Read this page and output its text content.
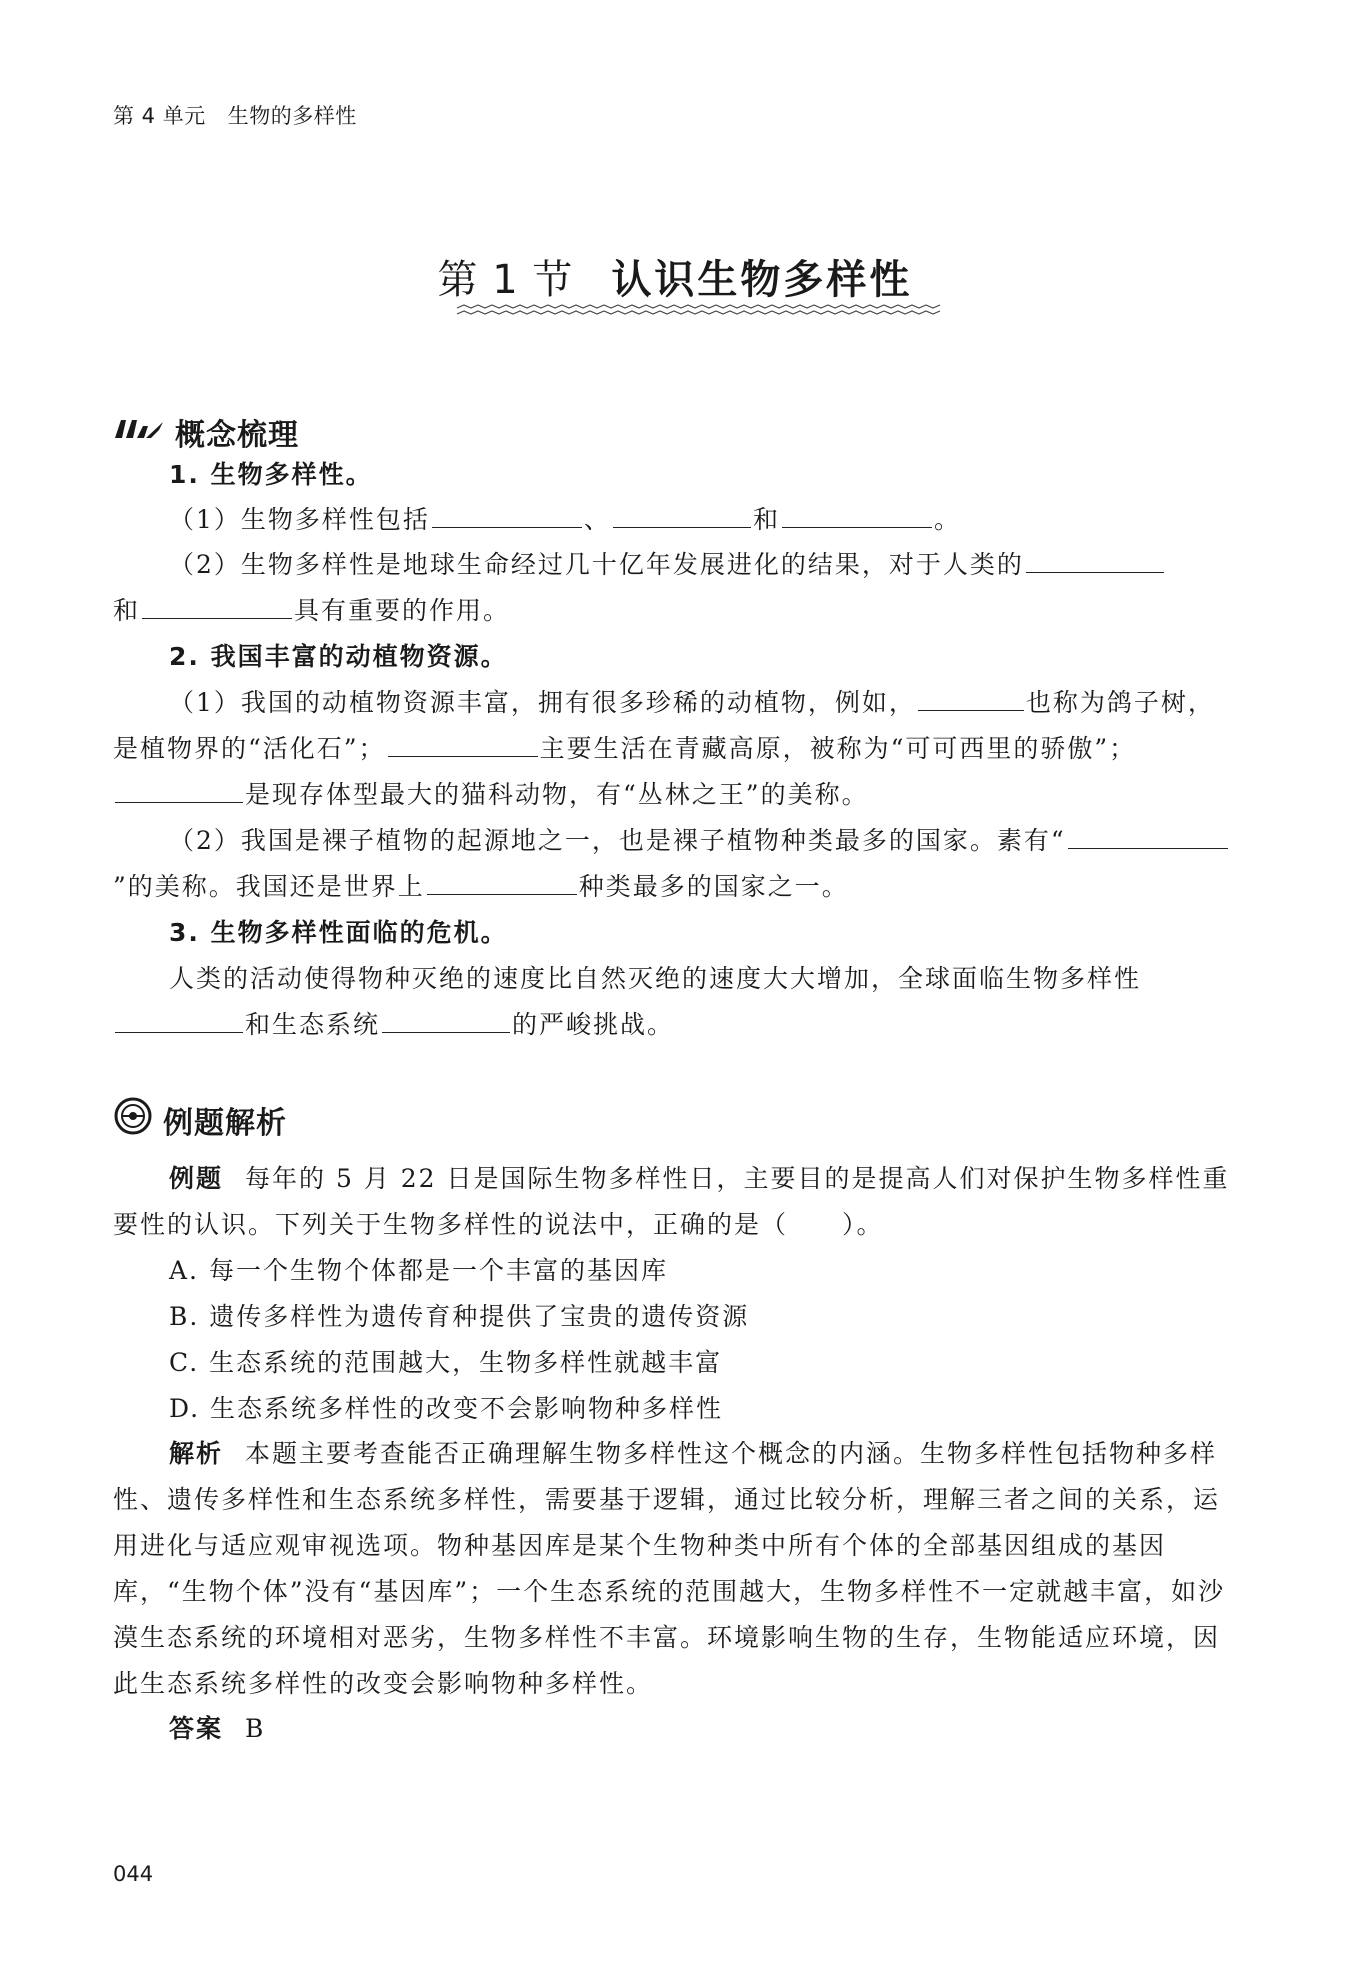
第 4 单元 生物的多样性
第 1 节 认识生物多样性
概念梳理

1. 生物多样性。

（1）生物多样性包括	、	和	。

（2）生物多样性是地球生命经过几十亿年发展进化的结果，对于人类的
和	具有重要的作用。

2. 我国丰富的动植物资源。

（1）我国的动植物资源丰富，拥有很多珍稀的动植物，例如，	也称为鸽子树，是植物界的“活化石”；	主要生活在青藏高原，被称为“可可西里的骄傲”；是现存体型最大的猫科动物，有“丛林之王”的美称。

（2）我国是裸子植物的起源地之一，也是裸子植物种类最多的国家。素有“”的美称。我国还是世界上	种类最多的国家之一。

3. 生物多样性面临的危机。

人类的活动使得物种灭绝的速度比自然灭绝的速度大大增加，全球面临生物多样性和生态系统	的严峻挑战。

例题解析

例题 每年的 5 月 22 日是国际生物多样性日，主要目的是提高人们对保护生物多样性重要性的认识。下列关于生物多样性的说法中，正确的是（　　）。

A. 每一个生物个体都是一个丰富的基因库

B. 遗传多样性为遗传育种提供了宝贵的遗传资源

C. 生态系统的范围越大，生物多样性就越丰富

D. 生态系统多样性的改变不会影响物种多样性

解析 本题主要考查能否正确理解生物多样性这个概念的内涵。生物多样性包括物种多样性、遗传多样性和生态系统多样性，需要基于逻辑，通过比较分析，理解三者之间的关系，运用进化与适应观审视选项。物种基因库是某个生物种类中所有个体的全部基因组成的基因库，“生物个体”没有“基因库”；一个生态系统的范围越大，生物多样性不一定就越丰富，如沙漠生态系统的环境相对恶劣，生物多样性不丰富。环境影响生物的生存，生物能适应环境，因此生态系统多样性的改变会影响物种多样性。

答案 B

044
